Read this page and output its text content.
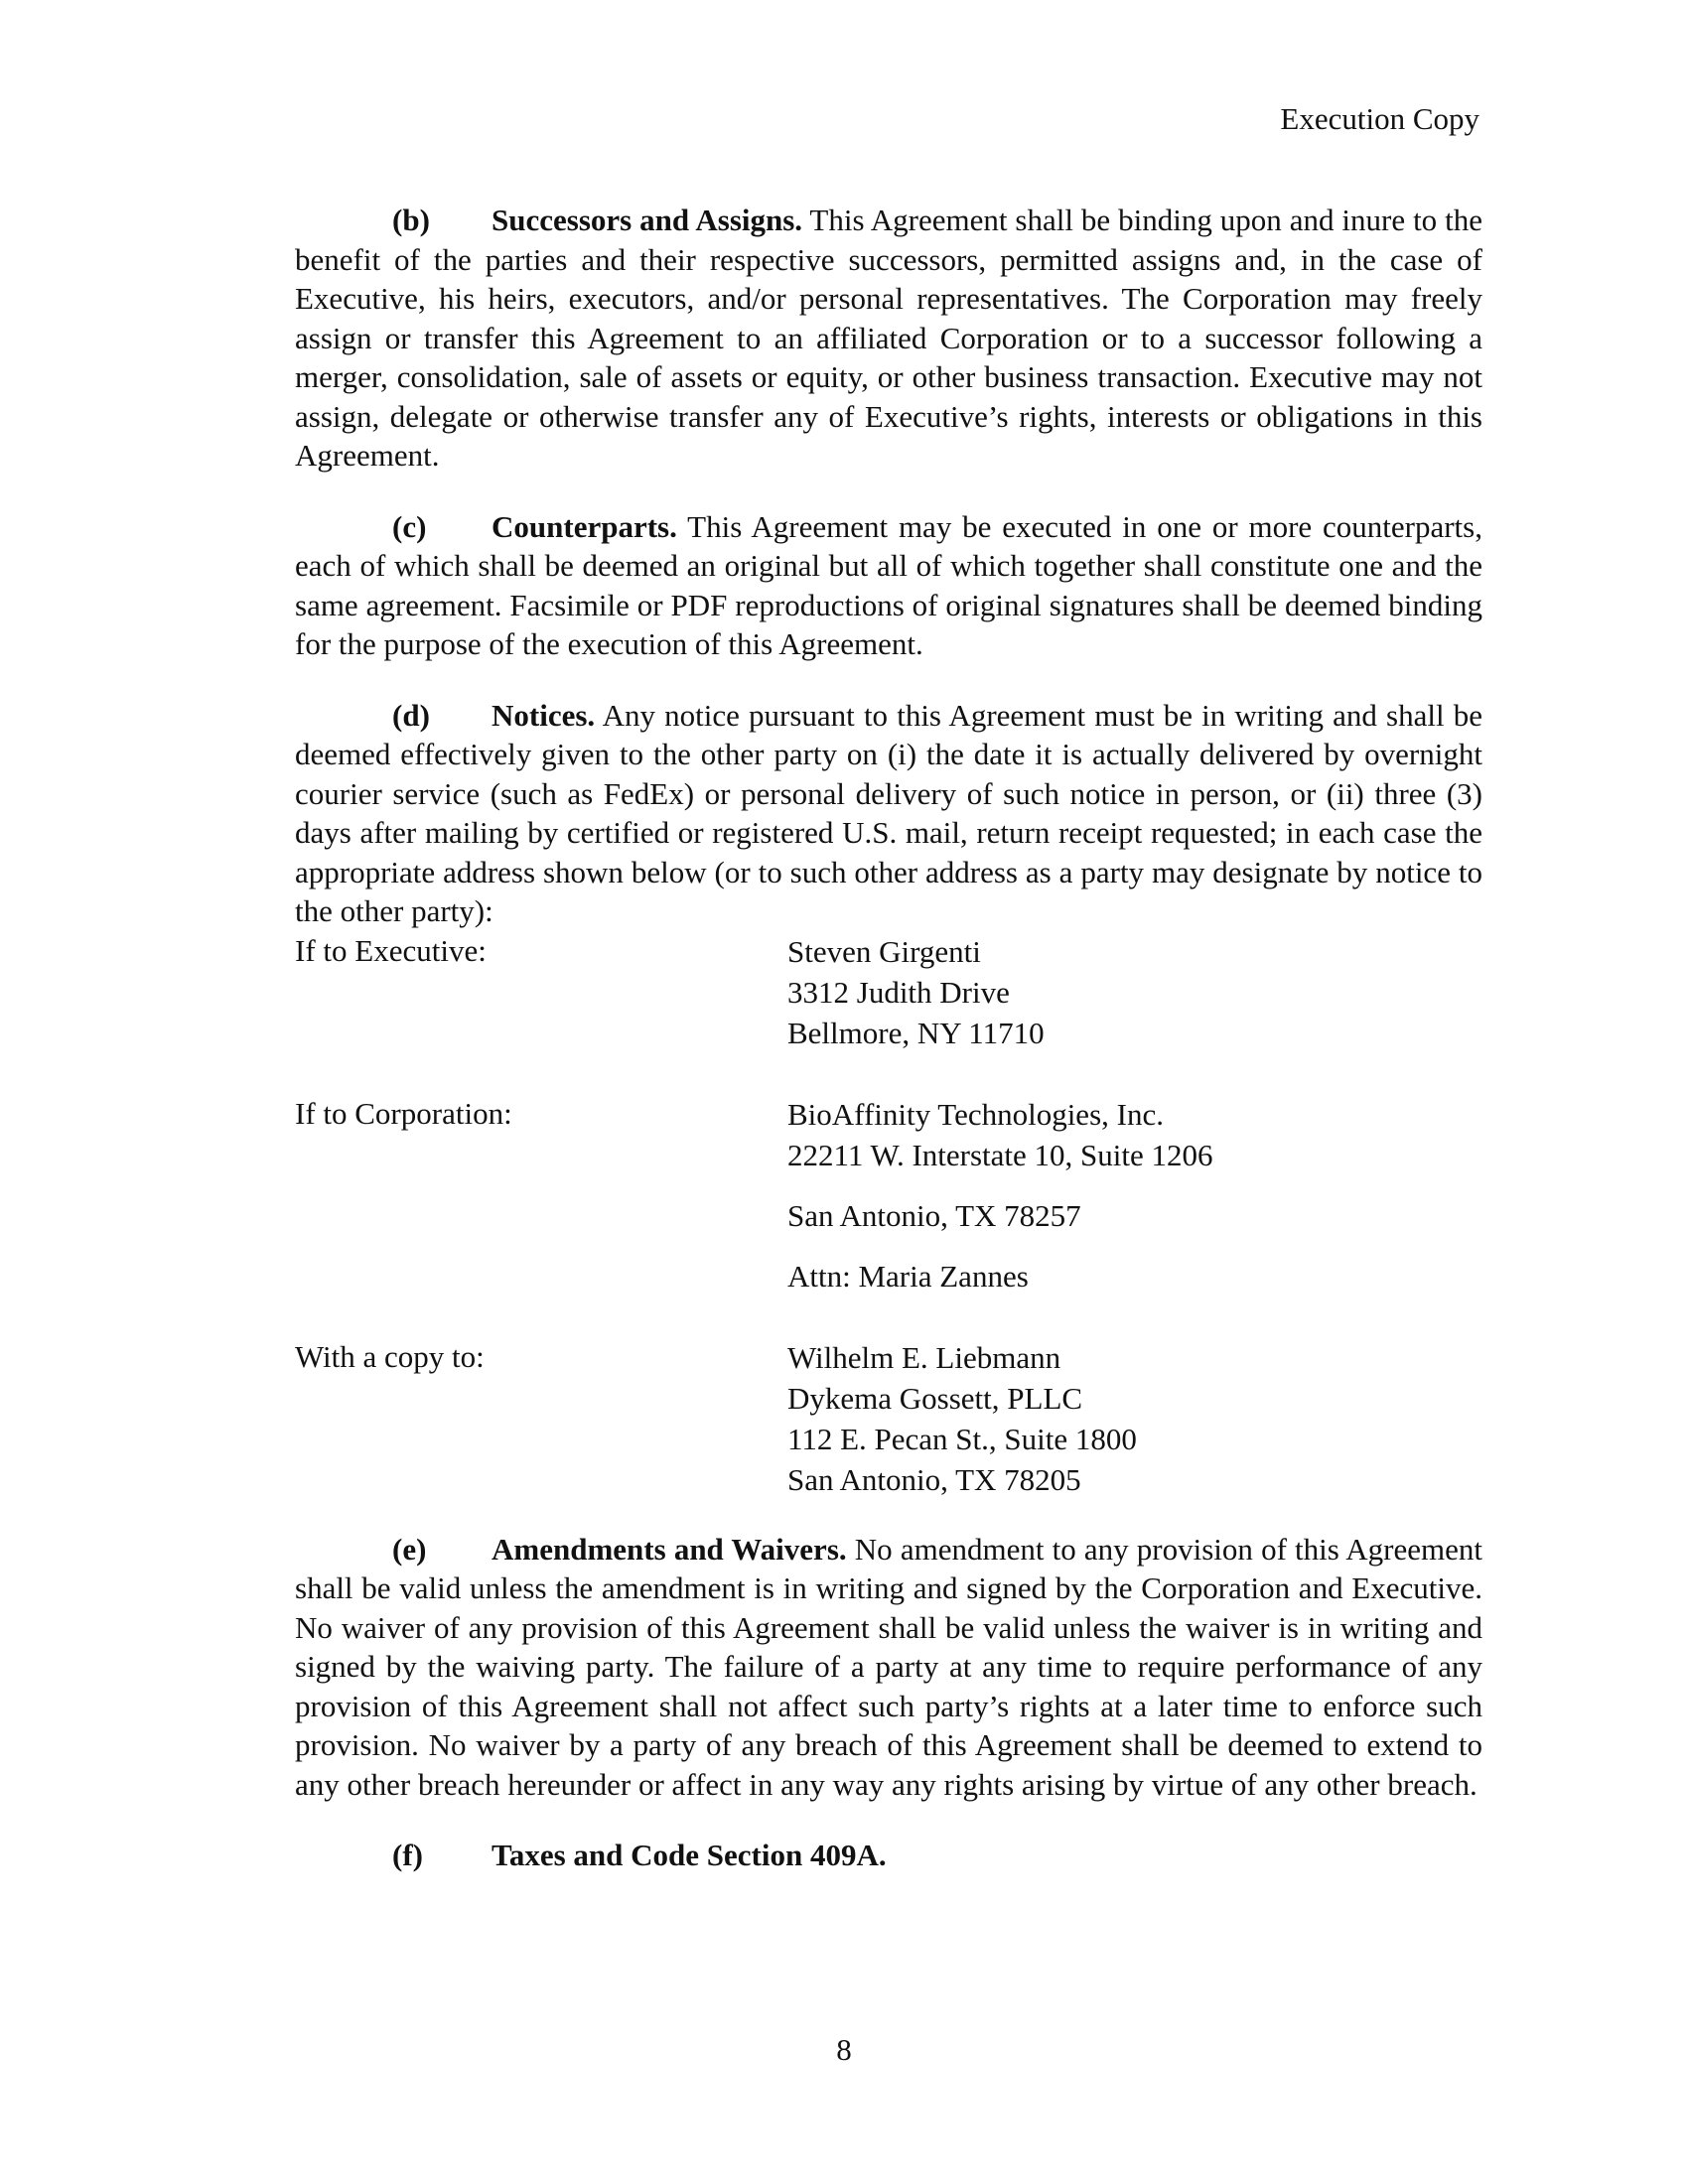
Execution Copy

(b) Successors and Assigns. This Agreement shall be binding upon and inure to the benefit of the parties and their respective successors, permitted assigns and, in the case of Executive, his heirs, executors, and/or personal representatives. The Corporation may freely assign or transfer this Agreement to an affiliated Corporation or to a successor following a merger, consolidation, sale of assets or equity, or other business transaction. Executive may not assign, delegate or otherwise transfer any of Executive’s rights, interests or obligations in this Agreement.

(c) Counterparts. This Agreement may be executed in one or more counterparts, each of which shall be deemed an original but all of which together shall constitute one and the same agreement. Facsimile or PDF reproductions of original signatures shall be deemed binding for the purpose of the execution of this Agreement.

(d) Notices. Any notice pursuant to this Agreement must be in writing and shall be deemed effectively given to the other party on (i) the date it is actually delivered by overnight courier service (such as FedEx) or personal delivery of such notice in person, or (ii) three (3) days after mailing by certified or registered U.S. mail, return receipt requested; in each case the appropriate address shown below (or to such other address as a party may designate by notice to the other party):

If to Executive:	Steven Girgenti
3312 Judith Drive
Bellmore, NY 11710
If to Corporation:	BioAffinity Technologies, Inc.
22211 W. Interstate 10, Suite 1206
San Antonio, TX 78257
Attn: Maria Zannes
With a copy to:	Wilhelm E. Liebmann
Dykema Gossett, PLLC
112 E. Pecan St., Suite 1800
San Antonio, TX 78205

(e) Amendments and Waivers. No amendment to any provision of this Agreement shall be valid unless the amendment is in writing and signed by the Corporation and Executive. No waiver of any provision of this Agreement shall be valid unless the waiver is in writing and signed by the waiving party. The failure of a party at any time to require performance of any provision of this Agreement shall not affect such party’s rights at a later time to enforce such provision. No waiver by a party of any breach of this Agreement shall be deemed to extend to any other breach hereunder or affect in any way any rights arising by virtue of any other breach.

(f) Taxes and Code Section 409A.

8
